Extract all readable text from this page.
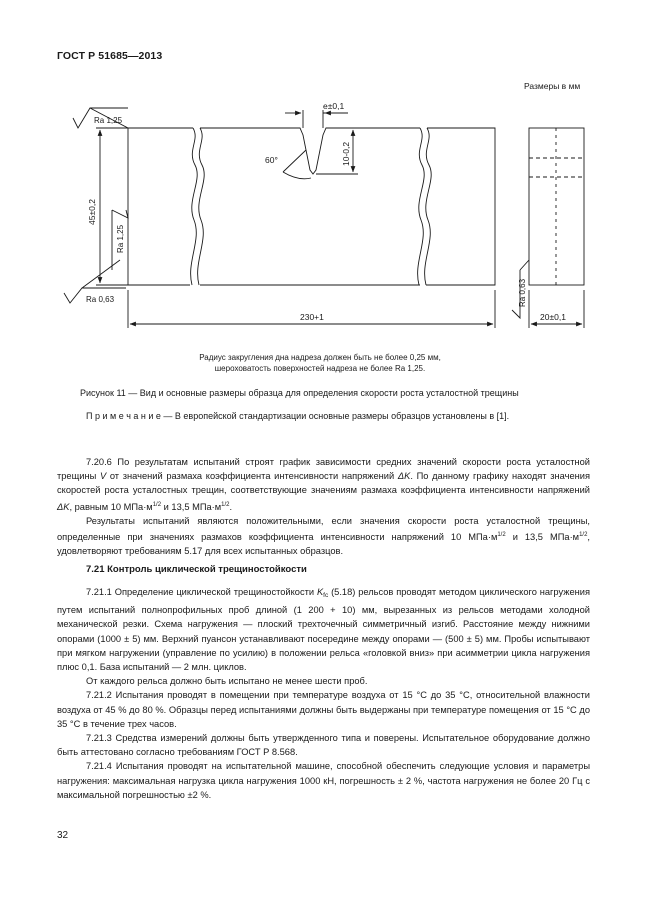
ГОСТ Р 51685—2013
Размеры в мм
e±0,1
10-0,2
60°
45±0,2
230+1	20±0,1
Ra 1,25
Ra 1,25
Ra 0,63	Ra 0,63
Радиус закругления дна надреза должен быть не более 0,25 мм,
шероховатость поверхностей надреза не более Ra 1,25.
Рисунок 11 — Вид и основные размеры образца для определения скорости роста усталостной трещины
П р и м е ч а н и е — В европейской стандартизации основные размеры образцов установлены в [1].

7.20.6 По результатам испытаний строят график зависимости средних значений скорости роста усталостной трещины V от значений размаха коэффициента интенсивности напряжений ΔK. По данному графику находят значения скоростей роста усталостных трещин, соответствующие значениям размаха коэффициента интенсивности напряжений ΔK, равным 10 $МПа\cdot м^{1/2}$ и 13,5 $МПа\cdot м^{1/2}$.

Результаты испытаний являются положительными, если значения скорости роста усталостной трещины, определенные при значениях размахов коэффициента интенсивности напряжений 10 $МПа\cdot м^{1/2}$ и 13,5 $МПа\cdot м^{1/2}$, удовлетворяют требованиям 5.17 для всех испытанных образцов.

7.21 Контроль циклической трещиностойкости

7.21.1 Определение циклической трещиностойкости $K_{fc}$ (5.18) рельсов проводят методом циклического нагружения путем испытаний полнопрофильных проб длиной (1 200 + 10) мм, вырезанных из рельсов методами холодной механической резки. Схема нагружения — плоский трехточечный симметричный изгиб. Расстояние между нижними опорами (1000 ± 5) мм. Верхний пуансон устанавливают посередине между опорами — (500 ± 5) мм. Пробы испытывают при мягком нагружении (управление по усилию) в положении рельса «головкой вниз» при асимметрии цикла нагружения плюс 0,1. База испытаний — 2 млн. циклов.

От каждого рельса должно быть испытано не менее шести проб.

7.21.2 Испытания проводят в помещении при температуре воздуха от 15 °С до 35 °С, относительной влажности воздуха от 45 % до 80 %. Образцы перед испытаниями должны быть выдержаны при температуре помещения от 15 °С до 35 °С в течение трех часов.

7.21.3 Средства измерений должны быть утвержденного типа и поверены. Испытательное оборудование должно быть аттестовано согласно требованиям ГОСТ Р 8.568.

7.21.4 Испытания проводят на испытательной машине, способной обеспечить следующие условия и параметры нагружения: максимальная нагрузка цикла нагружения 1000 кН, погрешность ± 2 %, частота нагружения не более 20 Гц с максимальной погрешностью ±2 %.

32
